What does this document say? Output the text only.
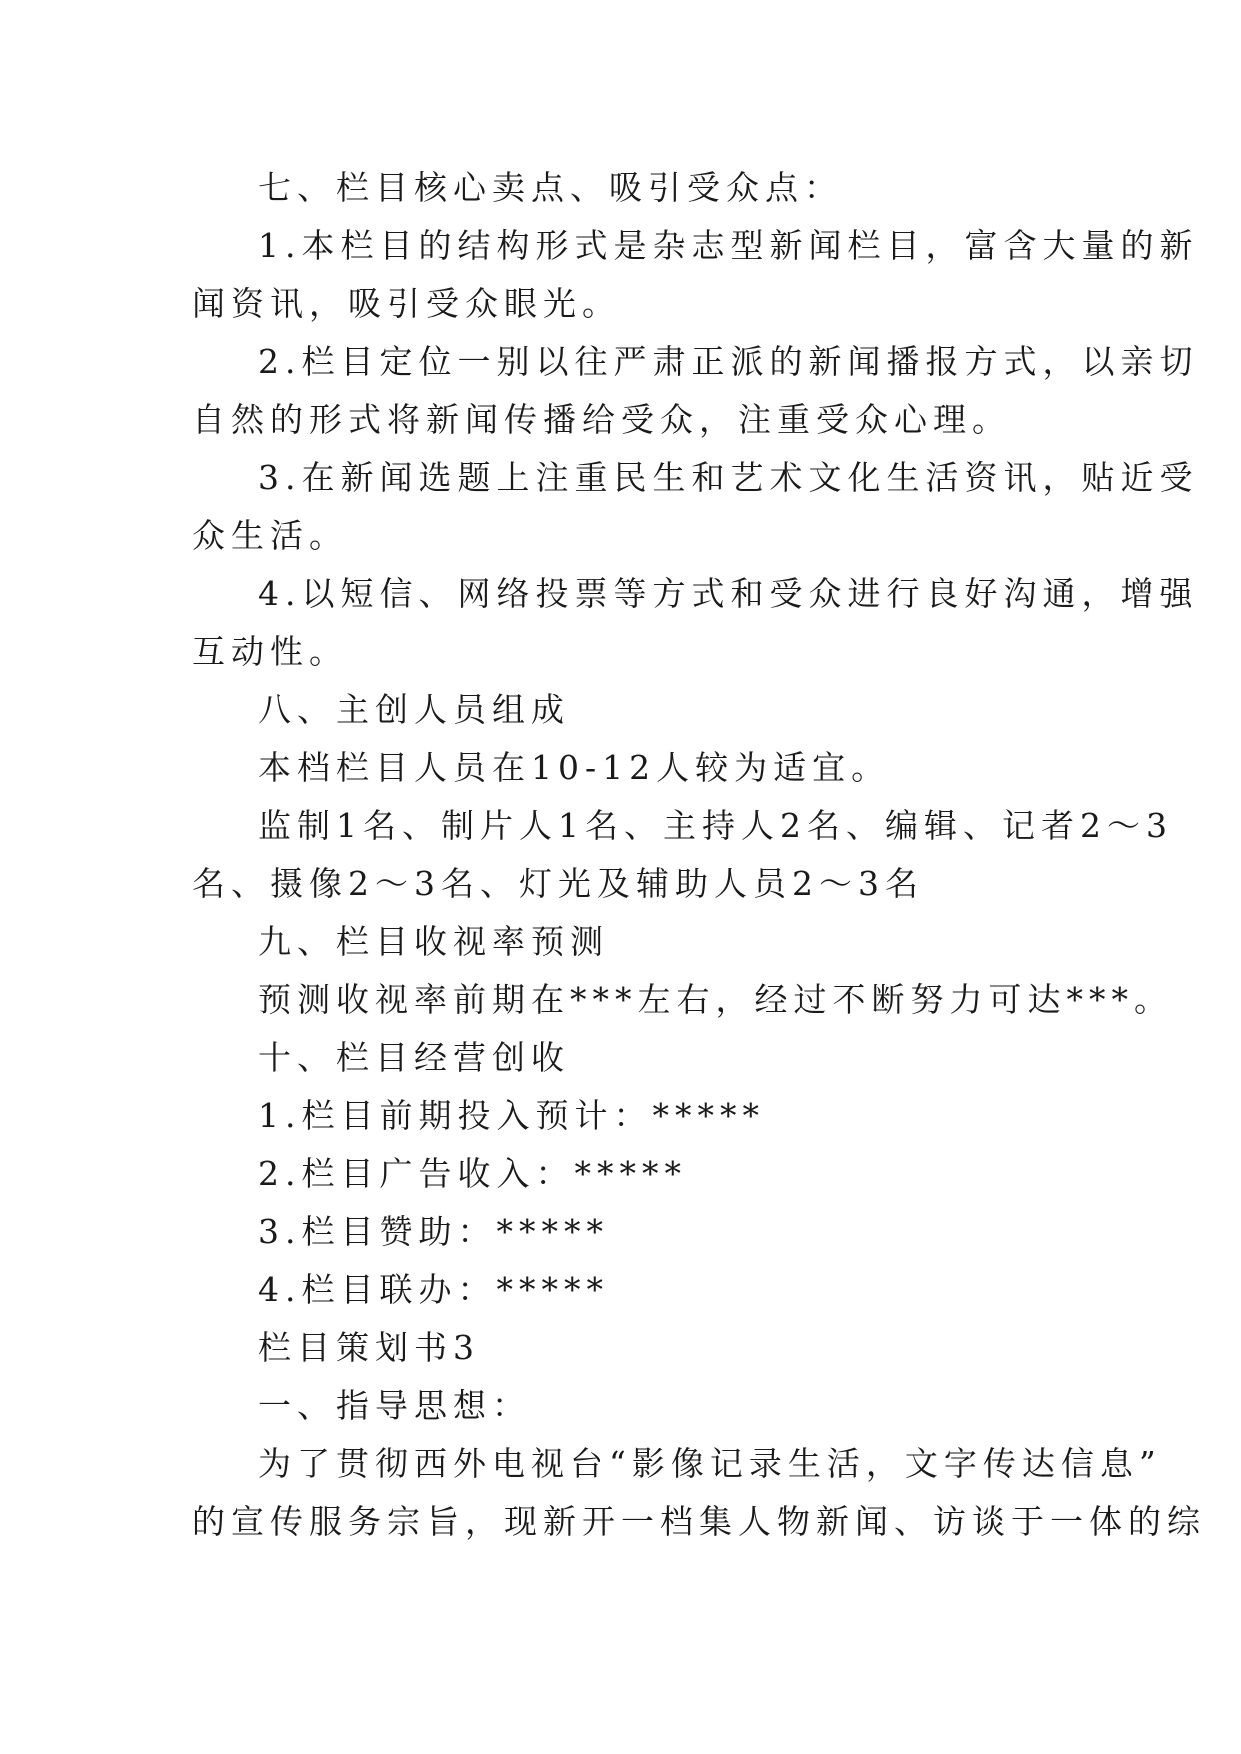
七、栏目核心卖点、吸引受众点：
1.本栏目的结构形式是杂志型新闻栏目，富含大量的新
闻资讯，吸引受众眼光。
2.栏目定位一别以往严肃正派的新闻播报方式，以亲切
自然的形式将新闻传播给受众，注重受众心理。
3.在新闻选题上注重民生和艺术文化生活资讯，贴近受
众生活。
4.以短信、网络投票等方式和受众进行良好沟通，增强
互动性。
八、主创人员组成
本档栏目人员在10-12人较为适宜。
监制1名、制片人1名、主持人2名、编辑、记者2～3
名、摄像2～3名、灯光及辅助人员2～3名
九、栏目收视率预测
预测收视率前期在***左右，经过不断努力可达***。
十、栏目经营创收
1.栏目前期投入预计：*****
2.栏目广告收入：*****
3.栏目赞助：*****
4.栏目联办：*****
栏目策划书3
一、指导思想：
为了贯彻西外电视台“影像记录生活，文字传达信息”
的宣传服务宗旨，现新开一档集人物新闻、访谈于一体的综
